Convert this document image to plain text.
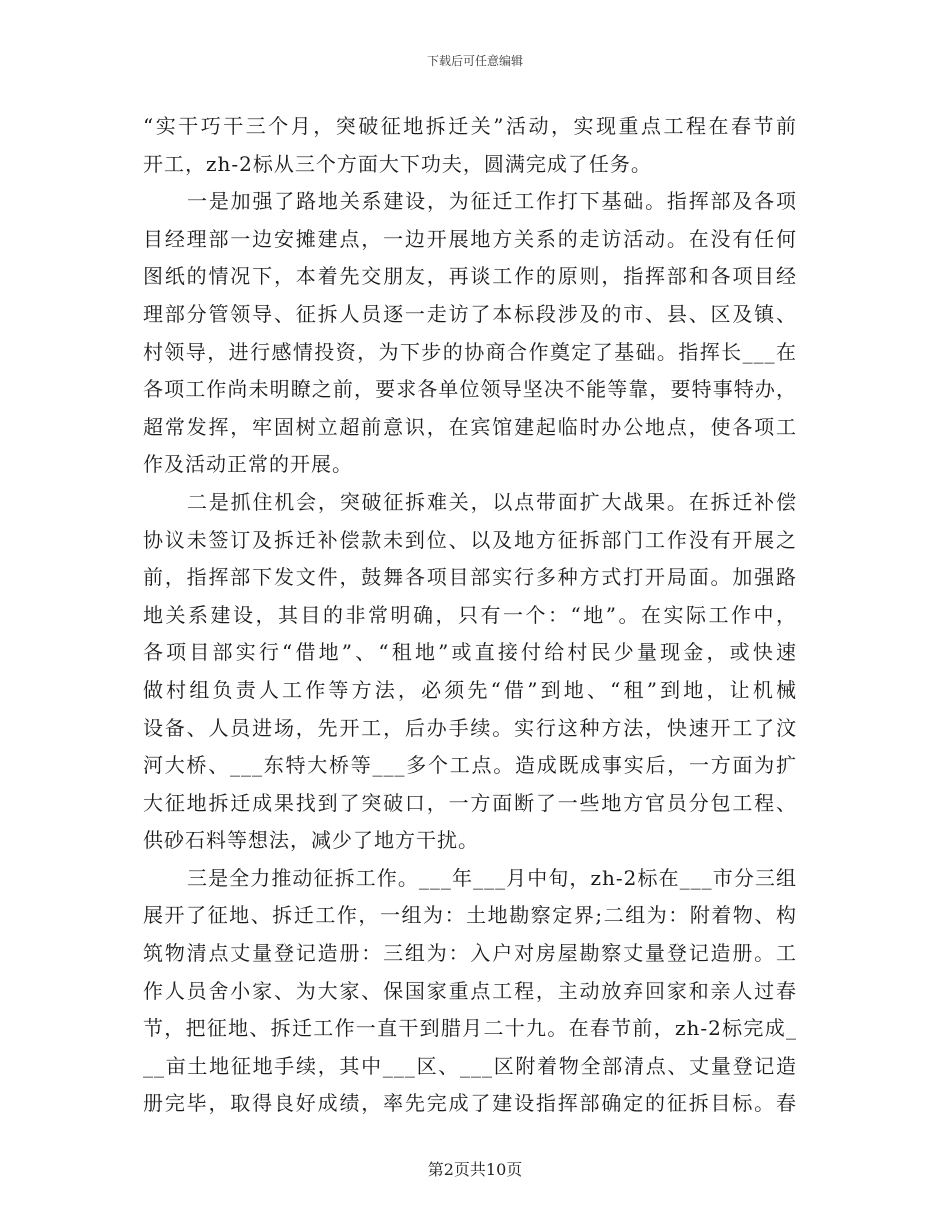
下载后可任意编辑
“实干巧干三个月，突破征地拆迁关”活动，实现重点工程在春节前
开工，zh-2标从三个方面大下功夫，圆满完成了任务。
一是加强了路地关系建设，为征迁工作打下基础。指挥部及各项
目经理部一边安摊建点，一边开展地方关系的走访活动。在没有任何
图纸的情况下，本着先交朋友，再谈工作的原则，指挥部和各项目经
理部分管领导、征拆人员逐一走访了本标段涉及的市、县、区及镇、
村领导，进行感情投资，为下步的协商合作奠定了基础。指挥长___在
各项工作尚未明瞭之前，要求各单位领导坚决不能等靠，要特事特办，
超常发挥，牢固树立超前意识，在宾馆建起临时办公地点，使各项工
作及活动正常的开展。
二是抓住机会，突破征拆难关，以点带面扩大战果。在拆迁补偿
协议未签订及拆迁补偿款未到位、以及地方征拆部门工作没有开展之
前，指挥部下发文件，鼓舞各项目部实行多种方式打开局面。加强路
地关系建设，其目的非常明确，只有一个：“地”。在实际工作中，
各项目部实行“借地”、“租地”或直接付给村民少量现金，或快速
做村组负责人工作等方法，必须先“借”到地、“租”到地，让机械
设备、人员进场，先开工，后办手续。实行这种方法，快速开工了汶
河大桥、___东特大桥等___多个工点。造成既成事实后，一方面为扩
大征地拆迁成果找到了突破口，一方面断了一些地方官员分包工程、
供砂石料等想法，减少了地方干扰。
三是全力推动征拆工作。___年___月中旬，zh-2标在___市分三组
展开了征地、拆迁工作，一组为：土地勘察定界;二组为：附着物、构
筑物清点丈量登记造册：三组为：入户对房屋勘察丈量登记造册。工
作人员舍小家、为大家、保国家重点工程，主动放弃回家和亲人过春
节，把征地、拆迁工作一直干到腊月二十九。在春节前，zh-2标完成_
__亩土地征地手续，其中___区、___区附着物全部清点、丈量登记造
册完毕，取得良好成绩，率先完成了建设指挥部确定的征拆目标。春
第2页共10页
